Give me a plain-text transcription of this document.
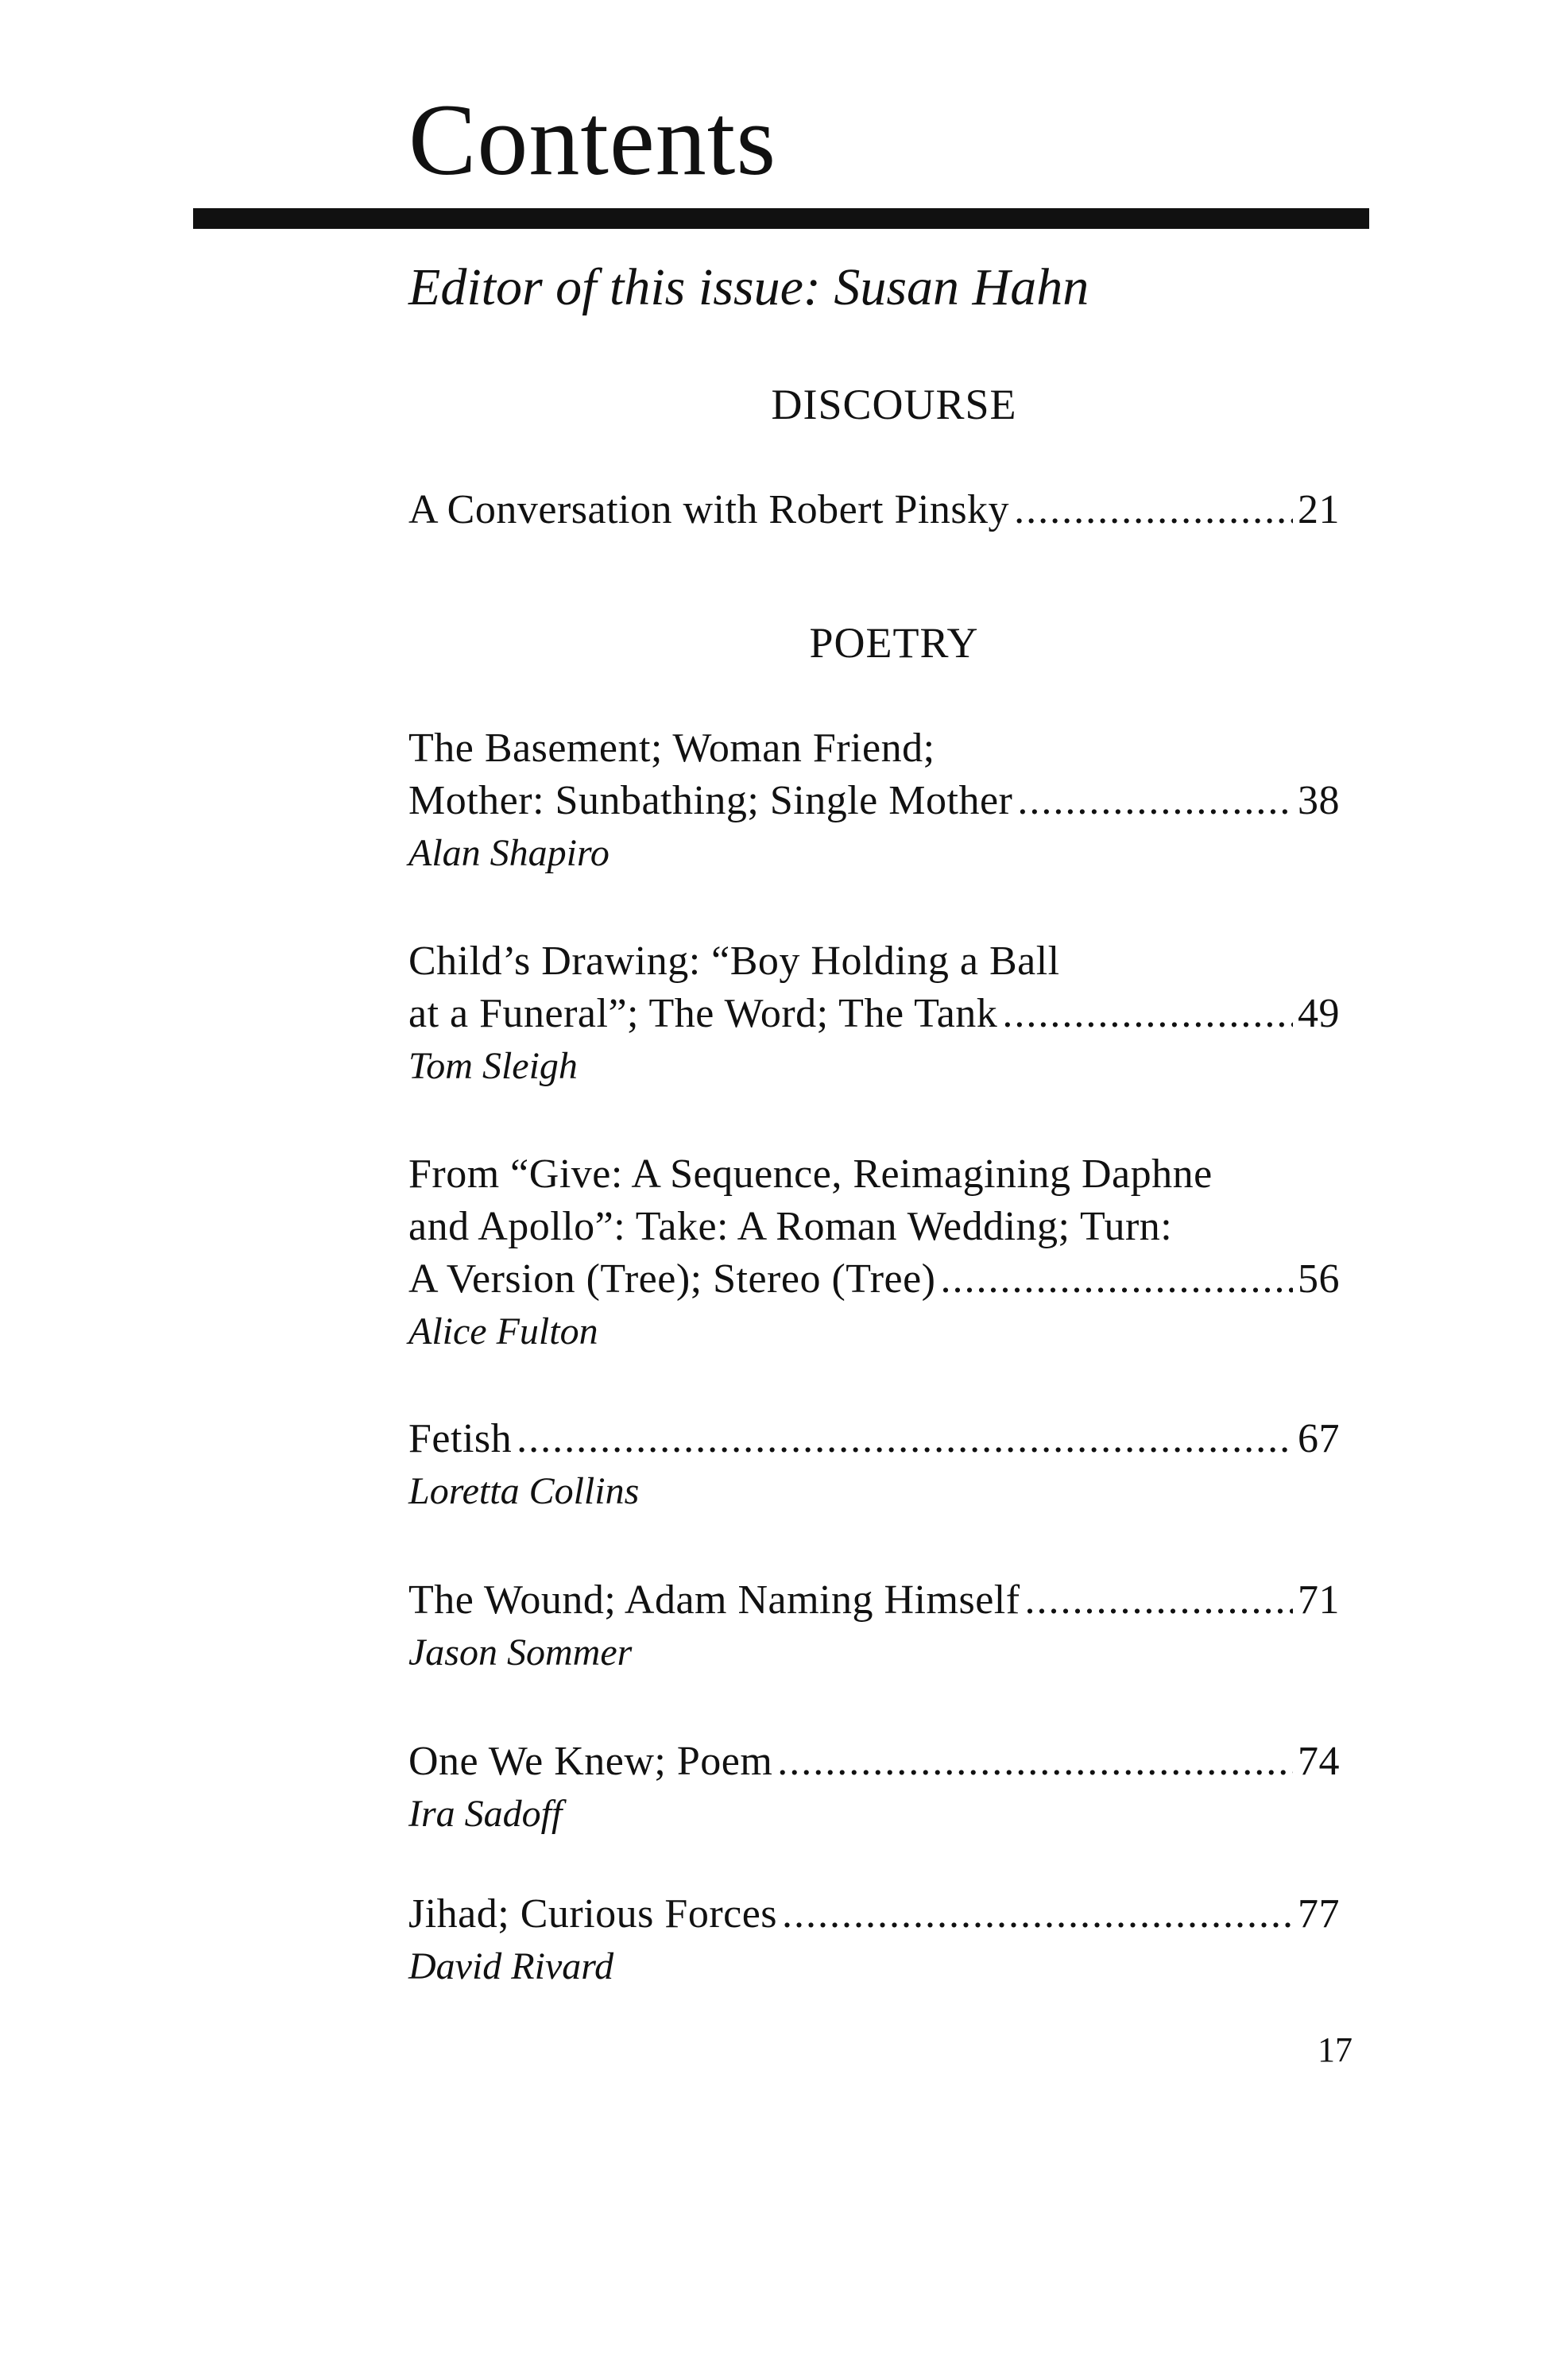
Contents
Editor of this issue: Susan Hahn
DISCOURSE
A Conversation with Robert Pinsky .....	21
POETRY
The Basement; Woman Friend;
Mother: Sunbathing; Single Mother .....	38
Alan Shapiro
Child’s Drawing: “Boy Holding a Ball
at a Funeral”; The Word; The Tank .....	49
Tom Sleigh
From “Give: A Sequence, Reimagining Daphne
and Apollo”: Take: A Roman Wedding; Turn:
A Version (Tree); Stereo (Tree) .....	56
Alice Fulton
Fetish .....	67
Loretta Collins
The Wound; Adam Naming Himself .....	71
Jason Sommer
One We Knew; Poem .....	74
Ira Sadoff
Jihad; Curious Forces .....	77
David Rivard
17
